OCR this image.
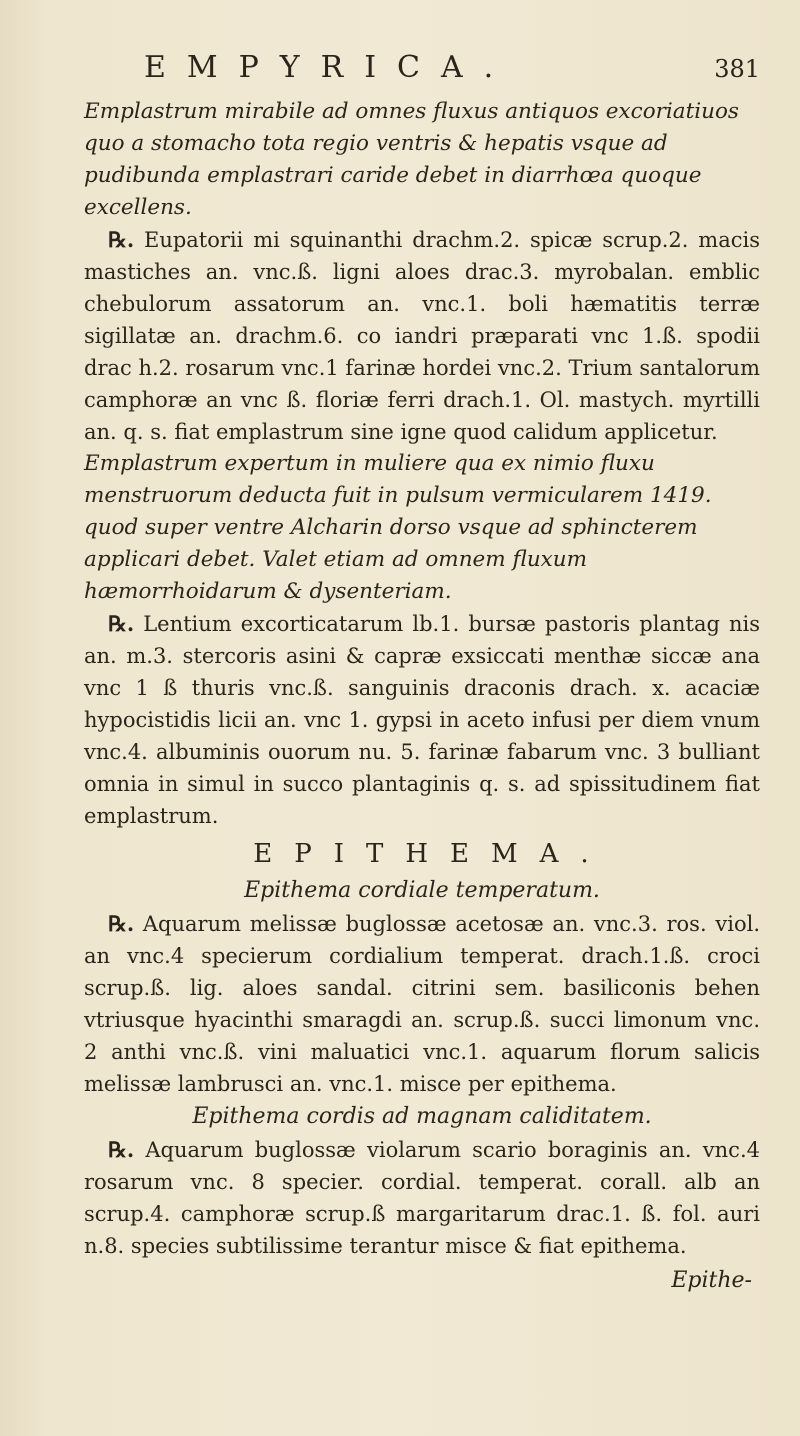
EMPYRICA.	381

Emplastrum mirabile ad omnes fluxus antiquos excoriatiuos quo a stomacho tota regio ventris & hepatis vsque ad pudibunda emplastrari caride debet in diarrhœa quoque excellens.

℞. Eupatorii mi squinanthi drachm.2. spicæ scrup.2. macis mastiches an. vnc.ß. ligni aloes drac.3. myrobalan. emblic chebulorum assatorum an. vnc.1. boli hæmatitis terræ sigillatæ an. drachm.6. co iandri præparati vnc 1.ß. spodii drac h.2. rosarum vnc.1 farinæ hordei vnc.2. Trium santalorum camphoræ an vnc ß. floriæ ferri drach.1. Ol. mastych. myrtilli an. q. s. fiat emplastrum sine igne quod calidum applicetur.

Emplastrum expertum in muliere qua ex nimio fluxu menstruorum deducta fuit in pulsum vermicularem 1419. quod super ventre Alcharin dorso vsque ad sphincterem applicari debet. Valet etiam ad omnem fluxum hæmorrhoidarum & dysenteriam.

℞. Lentium excorticatarum lb.1. bursæ pastoris plantag nis an. m.3. stercoris asini & capræ exsiccati menthæ siccæ ana vnc 1 ß thuris vnc.ß. sanguinis draconis drach. x. acaciæ hypocistidis licii an. vnc 1. gypsi in aceto infusi per diem vnum vnc.4. albuminis ouorum nu. 5. farinæ fabarum vnc. 3 bulliant omnia in simul in succo plantaginis q. s. ad spissitudinem fiat emplastrum.

EPITHEMA.

Epithema cordiale temperatum.

℞. Aquarum melissæ buglossæ acetosæ an. vnc.3. ros. viol. an vnc.4 specierum cordialium temperat. drach.1.ß. croci scrup.ß. lig. aloes sandal. citrini sem. basiliconis behen vtriusque hyacinthi smaragdi an. scrup.ß. succi limonum vnc. 2 anthi vnc.ß. vini maluatici vnc.1. aquarum florum salicis melissæ lambrusci an. vnc.1. misce per epithema.

Epithema cordis ad magnam caliditatem.

℞. Aquarum buglossæ violarum scario boraginis an. vnc.4 rosarum vnc. 8 specier. cordial. temperat. corall. alb an scrup.4. camphoræ scrup.ß margaritarum drac.1. ß. fol. auri n.8. species subtilissime terantur misce & fiat epithema.

Epithe-
